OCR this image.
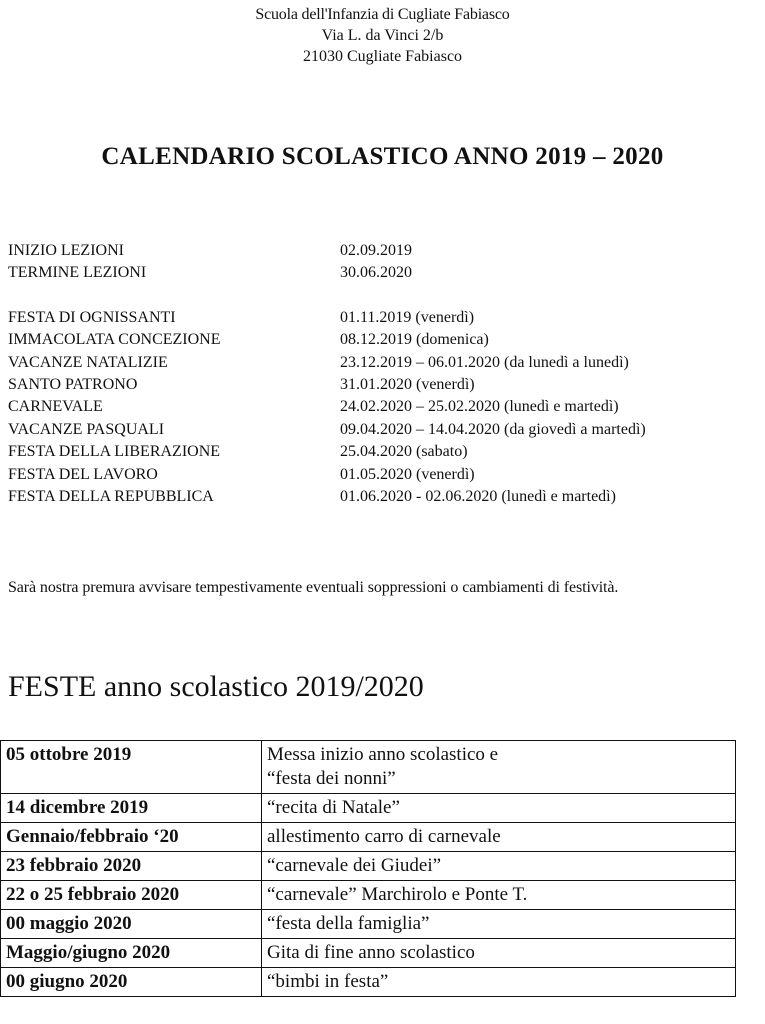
Scuola dell'Infanzia di Cugliate Fabiasco
Via L. da Vinci 2/b
21030 Cugliate Fabiasco
CALENDARIO SCOLASTICO ANNO 2019 – 2020
INIZIO LEZIONI	02.09.2019
TERMINE LEZIONI	30.06.2020
FESTA DI OGNISSANTI	01.11.2019 (venerdì)
IMMACOLATA CONCEZIONE	08.12.2019 (domenica)
VACANZE NATALIZIE	23.12.2019 – 06.01.2020 (da lunedì a lunedì)
SANTO PATRONO	31.01.2020 (venerdì)
CARNEVALE	24.02.2020 – 25.02.2020 (lunedì e martedì)
VACANZE PASQUALI	09.04.2020 – 14.04.2020 (da giovedì a martedì)
FESTA DELLA LIBERAZIONE	25.04.2020 (sabato)
FESTA DEL LAVORO	01.05.2020 (venerdì)
FESTA DELLA REPUBBLICA	01.06.2020 - 02.06.2020 (lunedì e martedì)
Sarà nostra premura avvisare tempestivamente eventuali soppressioni o cambiamenti di festività.
FESTE anno scolastico 2019/2020
05 ottobre 2019	Messa inizio anno scolastico e
“festa dei nonni”
14 dicembre 2019	“recita di Natale”
Gennaio/febbraio ‘20	allestimento carro di carnevale
23 febbraio 2020	“carnevale dei Giudei”
22 o 25 febbraio 2020	“carnevale” Marchirolo e Ponte T.
00 maggio 2020	“festa della famiglia”
Maggio/giugno 2020	Gita di fine anno scolastico
00 giugno 2020	“bimbi in festa”
